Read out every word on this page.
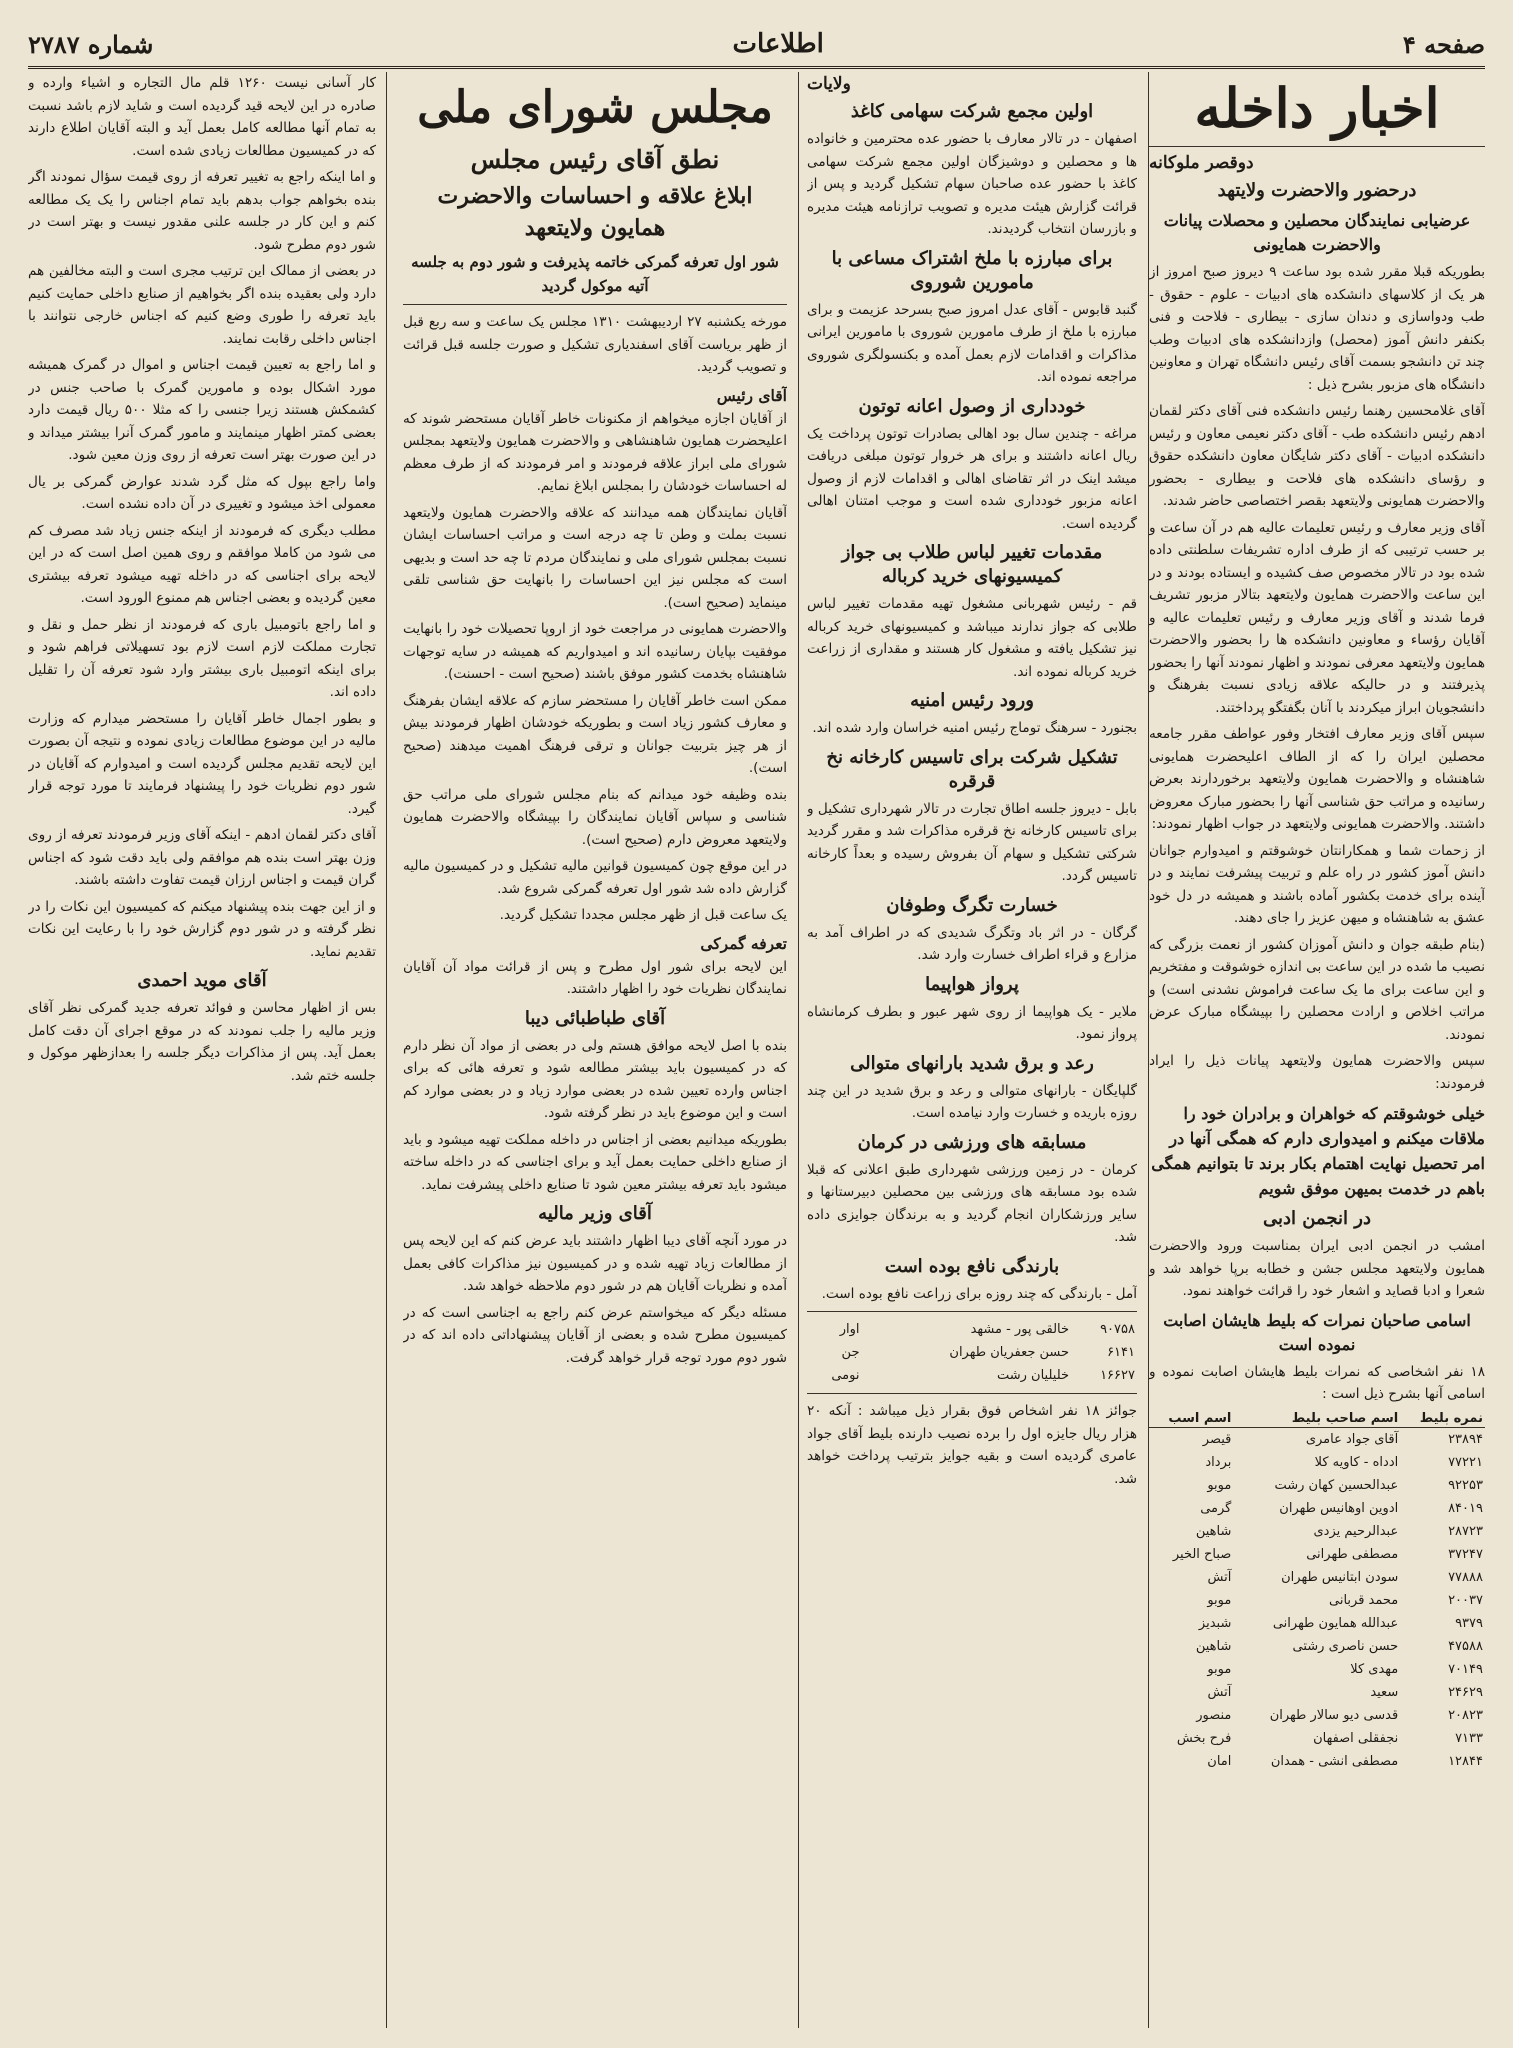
صفحه ۴
اطلاعات
شماره ۲۷۸۷
اخبار داخله
دوقصر ملوکانه
درحضور والاحضرت ولایتهد
عرضیابی نمایندگان محصلین و محصلات پیانات والاحضرت همایونی

بطوریکه قبلا مقرر شده بود ساعت ۹ دیروز صبح امروز از هر یک از کلاسهای دانشکده های ادبیات - علوم - حقوق - طب ودواسازی و دندان سازی - بیطاری - فلاحت و فنی بکنفر دانش آموز (محصل) وازدانشکده های ادبیات وطب چند تن دانشجو بسمت آقای رئیس دانشگاه تهران و معاونین دانشگاه های مزبور بشرح ذیل :

آقای غلامحسین رهنما رئیس دانشکده فنی آقای دکتر لقمان ادهم رئیس دانشکده طب - آقای دکتر نعیمی معاون و رئیس دانشکده ادبیات - آقای دکتر شایگان معاون دانشکده حقوق و رؤسای دانشکده های فلاحت و بیطاری - بحضور والاحضرت همایونی ولایتعهد بقصر اختصاصی حاضر شدند.

آقای وزیر معارف و رئیس تعلیمات عالیه هم در آن ساعت و بر حسب ترتیبی که از طرف اداره تشریفات سلطنتی داده شده بود در تالار مخصوص صف کشیده و ایستاده بودند و در این ساعت والاحضرت همایون ولایتعهد بتالار مزبور تشریف فرما شدند و آقای وزیر معارف و رئیس تعلیمات عالیه و آقایان رؤساء و معاونین دانشکده ها را بحضور والاحضرت همایون ولایتعهد معرفی نمودند و اظهار نمودند آنها را بحضور پذیرفتند و در حالیکه علاقه زیادی نسبت بفرهنگ و دانشجویان ابراز میکردند با آنان بگفتگو پرداختند.

سپس آقای وزیر معارف افتخار وفور عواطف مقرر جامعه محصلین ایران را که از الطاف اعلیحضرت همایونی شاهنشاه و والاحضرت همایون ولایتعهد برخوردارند بعرض رسانیده و مراتب حق شناسی آنها را بحضور مبارک معروض داشتند. والاحضرت همایونی ولایتعهد در جواب اظهار نمودند:

از زحمات شما و همکارانتان خوشوقتم و امیدوارم جوانان دانش آموز کشور در راه علم و تربیت پیشرفت نمایند و در آینده برای خدمت بکشور آماده باشند و همیشه در دل خود عشق به شاهنشاه و میهن عزیز را جای دهند.

(بنام طبقه جوان و دانش آموزان کشور از نعمت بزرگی که نصیب ما شده در این ساعت بی اندازه خوشوقت و مفتخریم و این ساعت برای ما یک ساعت فراموش نشدنی است) و مراتب اخلاص و ارادت محصلین را بپیشگاه مبارک عرض نمودند.

سپس والاحضرت همایون ولایتعهد پیانات ذیل را ایراد فرمودند:

خیلی خوشوقتم که خواهران و برادران خود را ملاقات میکنم و امیدواری دارم که همگی آنها در امر تحصیل نهایت اهتمام بکار برند تا بتوانیم همگی باهم در خدمت بمیهن موفق شویم

در انجمن ادبی

امشب در انجمن ادبی ایران بمناسبت ورود والاحضرت همایون ولایتعهد مجلس جشن و خطابه برپا خواهد شد و شعرا و ادبا قصاید و اشعار خود را قرائت خواهند نمود.

اسامی صاحبان نمرات که بلیط هایشان اصابت نموده است

۱۸ نفر اشخاصی که نمرات بلیط هایشان اصابت نموده و اسامی آنها بشرح ذیل است :

نمره بلیط	اسم صاحب بلیط	اسم اسب
۲۳۸۹۴	آقای جواد عامری	قیصر
۷۷۲۲۱	ادداه - کاویه کلا	برداد
۹۲۲۵۳	عبدالحسین کهان رشت	موبو
۸۴۰۱۹	ادوین اوهانیس طهران	گرمی
۲۸۷۲۳	عبدالرحیم یزدی	شاهین
۳۷۲۴۷	مصطفی طهرانی	صباح الخیر
۷۷۸۸۸	سودن ابتانیس طهران	آتش
۲۰۰۳۷	محمد قربانی	موبو
۹۳۷۹	عبدالله همایون طهرانی	شبدیز
۴۷۵۸۸	حسن ناصری رشتی	شاهین
۷۰۱۴۹	مهدی کلا	موبو
۲۴۶۲۹	سعید	آتش
۲۰۸۲۳	قدسی دیو سالار طهران	منصور
۷۱۳۳	نجفقلی اصفهان	فرح بخش
۱۲۸۴۴	مصطفی انشی - همدان	امان
ولایات
اولین مجمع شرکت سهامی کاغذ

اصفهان - در تالار معارف با حضور عده محترمین و خانواده ها و محصلین و دوشیزگان اولین مجمع شرکت سهامی کاغذ با حضور عده صاحبان سهام تشکیل گردید و پس از قرائت گزارش هیئت مدیره و تصویب ترازنامه هیئت مدیره و بازرسان انتخاب گردیدند.

برای مبارزه با ملخ اشتراک مساعی با مامورین شوروی

گنبد قابوس - آقای عدل امروز صبح بسرحد عزیمت و برای مبارزه با ملخ از طرف مامورین شوروی با مامورین ایرانی مذاکرات و اقدامات لازم بعمل آمده و بکنسولگری شوروی مراجعه نموده اند.

خودداری از وصول اعانه توتون

مراغه - چندین سال بود اهالی بصادرات توتون پرداخت یک ریال اعانه داشتند و برای هر خروار توتون مبلغی دریافت میشد اینک در اثر تقاضای اهالی و اقدامات لازم از وصول اعانه مزبور خودداری شده است و موجب امتنان اهالی گردیده است.

مقدمات تغییر لباس طلاب بی جواز کمیسیونهای خرید کرباله

قم - رئیس شهربانی مشغول تهیه مقدمات تغییر لباس طلابی که جواز ندارند میباشد و کمیسیونهای خرید کرباله نیز تشکیل یافته و مشغول کار هستند و مقداری از زراعت خرید کرباله نموده اند.

ورود رئیس امنیه

بجنورد - سرهنگ توماج رئیس امنیه خراسان وارد شده اند.

تشکیل شرکت برای تاسیس کارخانه نخ قرقره

بابل - دیروز جلسه اطاق تجارت در تالار شهرداری تشکیل و برای تاسیس کارخانه نخ قرقره مذاکرات شد و مقرر گردید شرکتی تشکیل و سهام آن بفروش رسیده و بعداً کارخانه تاسیس گردد.

خسارت تگرگ وطوفان

گرگان - در اثر باد وتگرگ شدیدی که در اطراف آمد به مزارع و قراء اطراف خسارت وارد شد.

پرواز هواپیما

ملایر - یک هواپیما از روی شهر عبور و بطرف کرمانشاه پرواز نمود.

رعد و برق شدید بارانهای متوالی

گلپایگان - بارانهای متوالی و رعد و برق شدید در این چند روزه باریده و خسارت وارد نیامده است.

مسابقه های ورزشی در کرمان

کرمان - در زمین ورزشی شهرداری طبق اعلانی که قبلا شده بود مسابقه های ورزشی بین محصلین دبیرستانها و سایر ورزشکاران انجام گردید و به برندگان جوایزی داده شد.

بارندگی نافع بوده است

آمل - بارندگی که چند روزه برای زراعت نافع بوده است.

۹۰۷۵۸	خالقی پور - مشهد	اوار
۶۱۴۱	حسن جعفریان طهران	جن
۱۶۶۲۷	خلیلیان رشت	نومی

جوائز ۱۸ نفر اشخاص فوق بقرار ذیل میباشد : آنکه ۲۰ هزار ریال جایزه اول را برده نصیب دارنده بلیط آقای جواد عامری گردیده است و بقیه جوایز بترتیب پرداخت خواهد شد.

مجلس شورای ملی
نطق آقای رئیس مجلس
ابلاغ علاقه و احساسات والاحضرت همایون ولایتعهد
شور اول تعرفه گمرکی خاتمه پذیرفت و شور دوم به جلسه آتیه موکول گردید

مورخه یکشنبه ۲۷ اردیبهشت ۱۳۱۰ مجلس یک ساعت و سه ربع قبل از ظهر بریاست آقای اسفندیاری تشکیل و صورت جلسه قبل قرائت و تصویب گردید.

آقای رئیس

از آقایان اجازه میخواهم از مکنونات خاطر آقایان مستحضر شوند که اعلیحضرت همایون شاهنشاهی و والاحضرت همایون ولایتعهد بمجلس شورای ملی ابراز علاقه فرمودند و امر فرمودند که از طرف معظم له احساسات خودشان را بمجلس ابلاغ نمایم.

آقایان نمایندگان همه میدانند که علاقه والاحضرت همایون ولایتعهد نسبت بملت و وطن تا چه درجه است و مراتب احساسات ایشان نسبت بمجلس شورای ملی و نمایندگان مردم تا چه حد است و بدیهی است که مجلس نیز این احساسات را بانهایت حق شناسی تلقی مینماید (صحیح است).

والاحضرت همایونی در مراجعت خود از اروپا تحصیلات خود را بانهایت موفقیت بپایان رسانیده اند و امیدواریم که همیشه در سایه توجهات شاهنشاه بخدمت کشور موفق باشند (صحیح است - احسنت).

ممکن است خاطر آقایان را مستحضر سازم که علاقه ایشان بفرهنگ و معارف کشور زیاد است و بطوریکه خودشان اظهار فرمودند بیش از هر چیز بتربیت جوانان و ترقی فرهنگ اهمیت میدهند (صحیح است).

بنده وظیفه خود میدانم که بنام مجلس شورای ملی مراتب حق شناسی و سپاس آقایان نمایندگان را بپیشگاه والاحضرت همایون ولایتعهد معروض دارم (صحیح است).

در این موقع چون کمیسیون قوانین مالیه تشکیل و در کمیسیون مالیه گزارش داده شد شور اول تعرفه گمرکی شروع شد.

یک ساعت قبل از ظهر مجلس مجددا تشکیل گردید.

تعرفه گمرکی

این لایحه برای شور اول مطرح و پس از قرائت مواد آن آقایان نمایندگان نظریات خود را اظهار داشتند.

آقای طباطبائی دیبا

بنده با اصل لایحه موافق هستم ولی در بعضی از مواد آن نظر دارم که در کمیسیون باید بیشتر مطالعه شود و تعرفه هائی که برای اجناس وارده تعیین شده در بعضی موارد زیاد و در بعضی موارد کم است و این موضوع باید در نظر گرفته شود.

بطوریکه میدانیم بعضی از اجناس در داخله مملکت تهیه میشود و باید از صنایع داخلی حمایت بعمل آید و برای اجناسی که در داخله ساخته میشود باید تعرفه بیشتر معین شود تا صنایع داخلی پیشرفت نماید.

آقای وزیر مالیه

در مورد آنچه آقای دیبا اظهار داشتند باید عرض کنم که این لایحه پس از مطالعات زیاد تهیه شده و در کمیسیون نیز مذاکرات کافی بعمل آمده و نظریات آقایان هم در شور دوم ملاحظه خواهد شد.

مسئله دیگر که میخواستم عرض کنم راجع به اجناسی است که در کمیسیون مطرح شده و بعضی از آقایان پیشنهاداتی داده اند که در شور دوم مورد توجه قرار خواهد گرفت.

کار آسانی نیست ۱۲۶۰ قلم مال التجاره و اشیاء وارده و صادره در این لایحه قید گردیده است و شاید لازم باشد نسبت به تمام آنها مطالعه کامل بعمل آید و البته آقایان اطلاع دارند که در کمیسیون مطالعات زیادی شده است.

و اما اینکه راجع به تغییر تعرفه از روی قیمت سؤال نمودند اگر بنده بخواهم جواب بدهم باید تمام اجناس را یک یک مطالعه کنم و این کار در جلسه علنی مقدور نیست و بهتر است در شور دوم مطرح شود.

در بعضی از ممالک این ترتیب مجری است و البته مخالفین هم دارد ولی بعقیده بنده اگر بخواهیم از صنایع داخلی حمایت کنیم باید تعرفه را طوری وضع کنیم که اجناس خارجی نتوانند با اجناس داخلی رقابت نمایند.

و اما راجع به تعیین قیمت اجناس و اموال در گمرک همیشه مورد اشکال بوده و مامورین گمرک با صاحب جنس در کشمکش هستند زیرا جنسی را که مثلا ۵۰۰ ریال قیمت دارد بعضی کمتر اظهار مینمایند و مامور گمرک آنرا بیشتر میداند و در این صورت بهتر است تعرفه از روی وزن معین شود.

واما راجع بپول که مثل گرد شدند عوارض گمرکی بر یال معمولی اخذ میشود و تغییری در آن داده نشده است.

مطلب دیگری که فرمودند از اینکه جنس زیاد شد مصرف کم می شود من کاملا موافقم و روی همین اصل است که در این لایحه برای اجناسی که در داخله تهیه میشود تعرفه بیشتری معین گردیده و بعضی اجناس هم ممنوع الورود است.

و اما راجع باتومبیل باری که فرمودند از نظر حمل و نقل و تجارت مملکت لازم است لازم بود تسهیلاتی فراهم شود و برای اینکه اتومبیل باری بیشتر وارد شود تعرفه آن را تقلیل داده اند.

و بطور اجمال خاطر آقایان را مستحضر میدارم که وزارت مالیه در این موضوع مطالعات زیادی نموده و نتیجه آن بصورت این لایحه تقدیم مجلس گردیده است و امیدوارم که آقایان در شور دوم نظریات خود را پیشنهاد فرمایند تا مورد توجه قرار گیرد.

آقای دکتر لقمان ادهم - اینکه آقای وزیر فرمودند تعرفه از روی وزن بهتر است بنده هم موافقم ولی باید دقت شود که اجناس گران قیمت و اجناس ارزان قیمت تفاوت داشته باشند.

و از این جهت بنده پیشنهاد میکنم که کمیسیون این نکات را در نظر گرفته و در شور دوم گزارش خود را با رعایت این نکات تقدیم نماید.

آقای موید احمدی

بس از اظهار محاسن و فوائد تعرفه جدید گمرکی نظر آقای وزیر مالیه را جلب نمودند که در موقع اجرای آن دقت کامل بعمل آید. پس از مذاکرات دیگر جلسه را بعدازظهر موکول و جلسه ختم شد.
